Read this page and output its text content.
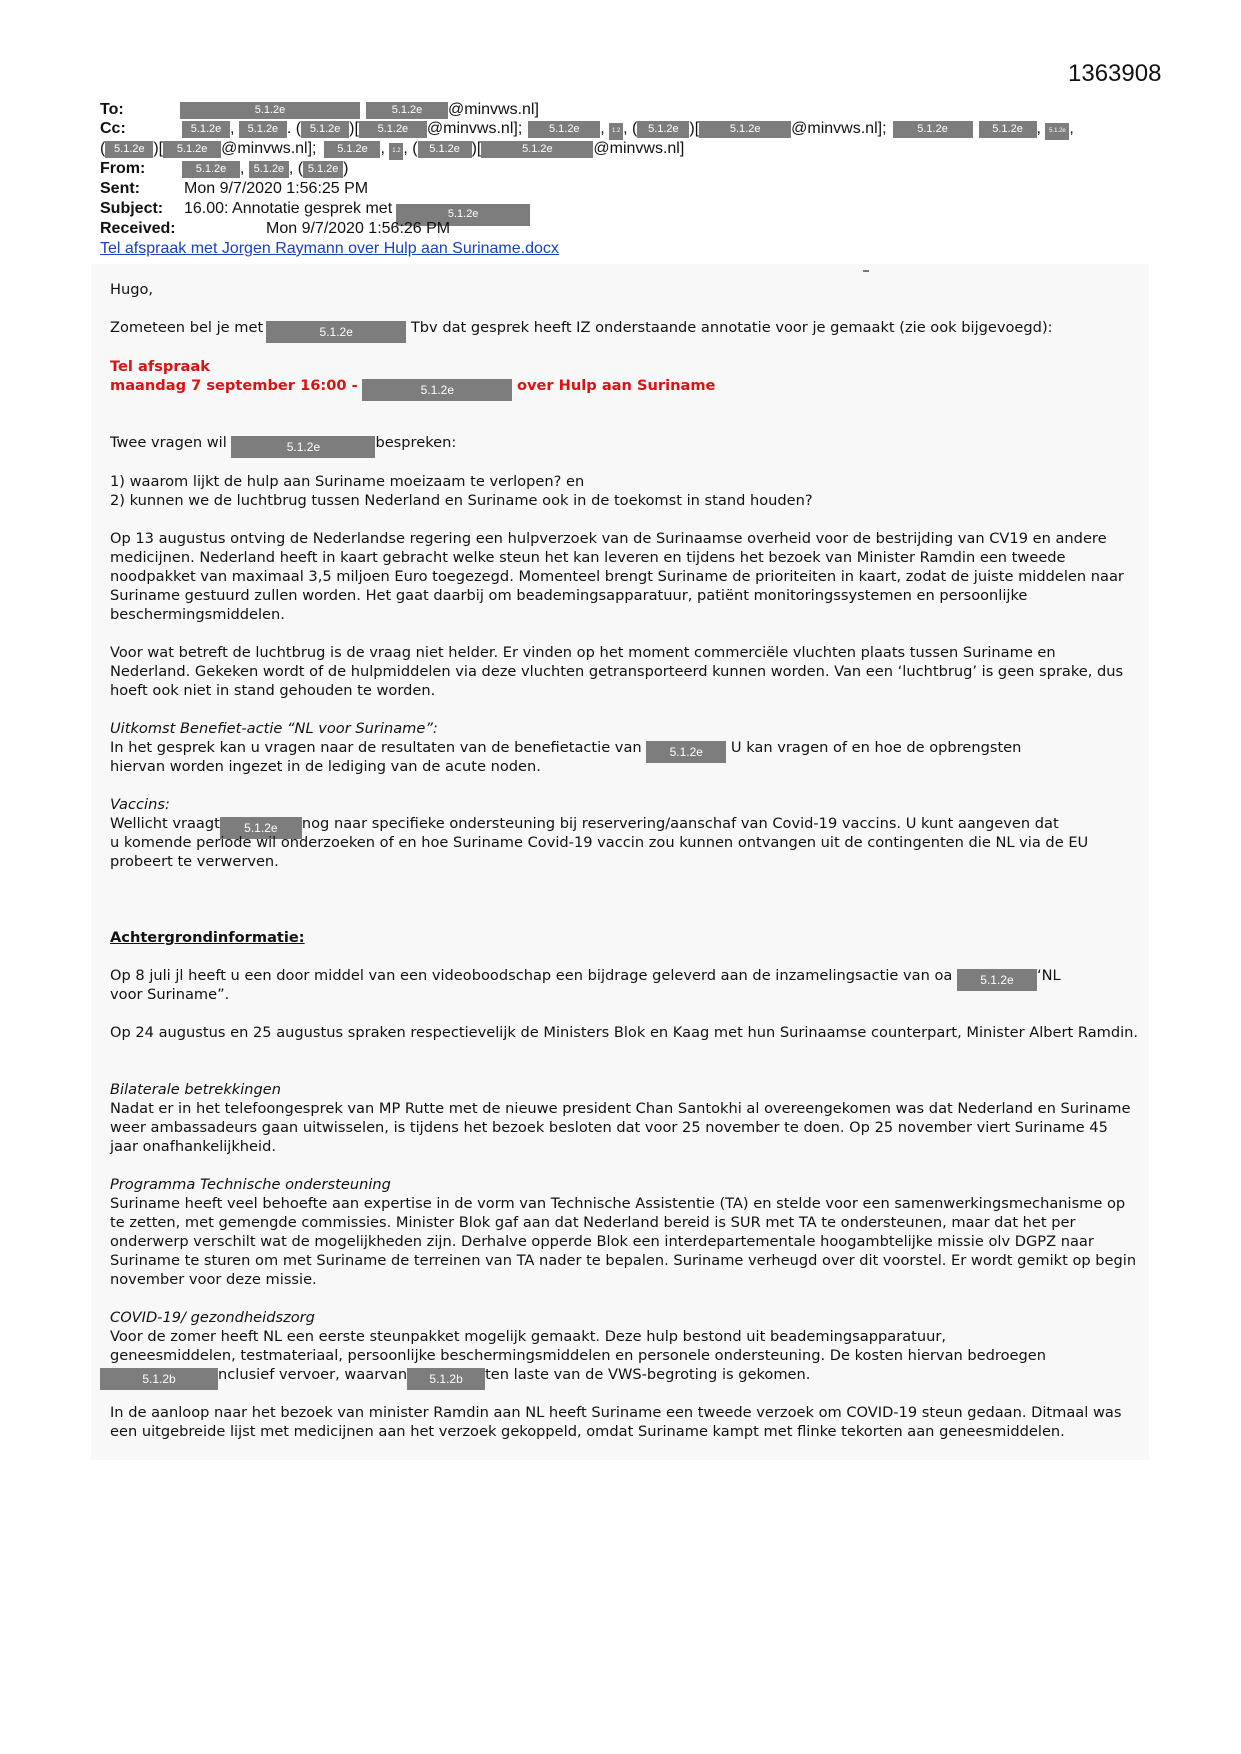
1363908
To:	5.1.2e	5.1.2e @minvws.nl]
Cc:	5.1.2e , 5.1.2e . ( 5.1.2e )[ 5.1.2e @minvws.nl]; 5.1.2e , 1.2 , ( 5.1.2e )[	5.1.2e @minvws.nl];	5.1.2e	5.1.2e , 5.1.2e ,
( 5.1.2e )[ 5.1.2e @minvws.nl]; 5.1.2e , 1.2 , ( 5.1.2e )[	5.1.2e	@minvws.nl]
From:	5.1.2e , 5.1.2e , ( 5.1.2e )
Sent:	Mon 9/7/2020 1:56:25 PM
Subject: 16.00: Annotatie gesprek met	5.1.2e
Received:	Mon 9/7/2020 1:56:26 PM
Tel afspraak met Jorgen Raymann over Hulp aan Suriname.docx
Hugo,
Zometeen bel je met	5.1.2e	Tbv dat gesprek heeft IZ onderstaande annotatie voor je gemaakt (zie ook bijgevoegd):
Tel afspraak
maandag 7 september 16:00 -	5.1.2e	over Hulp aan Suriname
Twee vragen wil	5.1.2e	bespreken:
1) waarom lijkt de hulp aan Suriname moeizaam te verlopen? en
2) kunnen we de luchtbrug tussen Nederland en Suriname ook in de toekomst in stand houden?
Op 13 augustus ontving de Nederlandse regering een hulpverzoek van de Surinaamse overheid voor de bestrijding van CV19 en andere medicijnen. Nederland heeft in kaart gebracht welke steun het kan leveren en tijdens het bezoek van Minister Ramdin een tweede noodpakket van maximaal 3,5 miljoen Euro toegezegd. Momenteel brengt Suriname de prioriteiten in kaart, zodat de juiste middelen naar Suriname gestuurd zullen worden. Het gaat daarbij om beademingsapparatuur, patiënt monitoringssystemen en persoonlijke beschermingsmiddelen.
Voor wat betreft de luchtbrug is de vraag niet helder. Er vinden op het moment commerciële vluchten plaats tussen Suriname en Nederland. Gekeken wordt of de hulpmiddelen via deze vluchten getransporteerd kunnen worden. Van een ‘luchtbrug’ is geen sprake, dus hoeft ook niet in stand gehouden te worden.
Uitkomst Benefiet-actie “NL voor Suriname”:
In het gesprek kan u vragen naar de resultaten van de benefietactie van 5.1.2e U kan vragen of en hoe de opbrengsten
hiervan worden ingezet in de lediging van de acute noden.
Vaccins:
Wellicht vraagt 5.1.2e nog naar specifieke ondersteuning bij reservering/aanschaf van Covid-19 vaccins. U kunt aangeven dat
u komende periode wil onderzoeken of en hoe Suriname Covid-19 vaccin zou kunnen ontvangen uit de contingenten die NL via de EU probeert te verwerven.
Achtergrondinformatie:
Op 8 juli jl heeft u een door middel van een videoboodschap een bijdrage geleverd aan de inzamelingsactie van oa 5.1.2e ‘NL
voor Suriname”.
Op 24 augustus en 25 augustus spraken respectievelijk de Ministers Blok en Kaag met hun Surinaamse counterpart, Minister Albert Ramdin.
Bilaterale betrekkingen
Nadat er in het telefoongesprek van MP Rutte met de nieuwe president Chan Santokhi al overeengekomen was dat Nederland en Suriname weer ambassadeurs gaan uitwisselen, is tijdens het bezoek besloten dat voor 25 november te doen. Op 25 november viert Suriname 45 jaar onafhankelijkheid.
Programma Technische ondersteuning
Suriname heeft veel behoefte aan expertise in de vorm van Technische Assistentie (TA) en stelde voor een samenwerkingsmechanisme op te zetten, met gemengde commissies. Minister Blok gaf aan dat Nederland bereid is SUR met TA te ondersteunen, maar dat het per onderwerp verschilt wat de mogelijkheden zijn. Derhalve opperde Blok een interdepartementale hoogambtelijke missie olv DGPZ naar Suriname te sturen om met Suriname de terreinen van TA nader te bepalen. Suriname verheugd over dit voorstel. Er wordt gemikt op begin november voor deze missie.
COVID-19/ gezondheidszorg
Voor de zomer heeft NL een eerste steunpakket mogelijk gemaakt. Deze hulp bestond uit beademingsapparatuur,
geneesmiddelen, testmateriaal, persoonlijke beschermingsmiddelen en personele ondersteuning. De kosten hiervan bedroegen
5.1.2b	nclusief vervoer, waarvan 5.1.2b ten laste van de VWS-begroting is gekomen.
In de aanloop naar het bezoek van minister Ramdin aan NL heeft Suriname een tweede verzoek om COVID-19 steun gedaan. Ditmaal was een uitgebreide lijst met medicijnen aan het verzoek gekoppeld, omdat Suriname kampt met flinke tekorten aan geneesmiddelen.
